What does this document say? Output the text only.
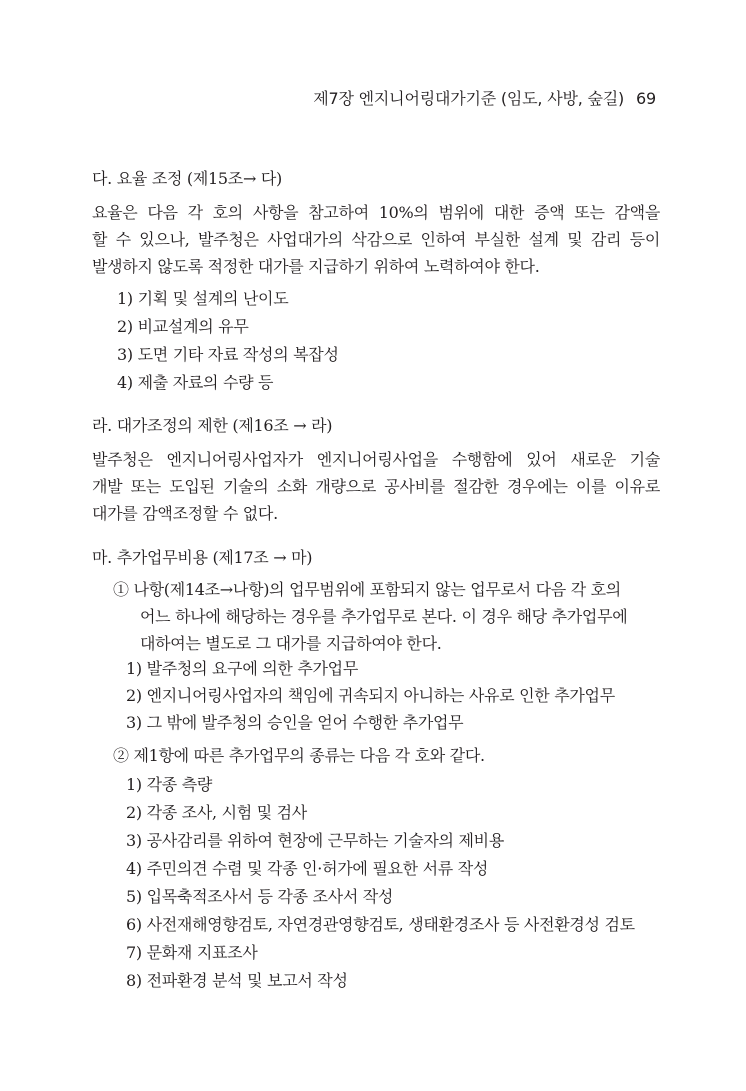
제7장 엔지니어링대가기준 (임도, 사방, 숲길) 69
다. 요율 조정 (제15조→ 다)
요율은 다음 각 호의 사항을 참고하여 10%의 범위에 대한 증액 또는 감액을
할 수 있으나, 발주청은 사업대가의 삭감으로 인하여 부실한 설계 및 감리 등이
발생하지 않도록 적정한 대가를 지급하기 위하여 노력하여야 한다.
1) 기획 및 설계의 난이도
2) 비교설계의 유무
3) 도면 기타 자료 작성의 복잡성
4) 제출 자료의 수량 등
라. 대가조정의 제한 (제16조 → 라)
발주청은 엔지니어링사업자가 엔지니어링사업을 수행함에 있어 새로운 기술
개발 또는 도입된 기술의 소화 개량으로 공사비를 절감한 경우에는 이를 이유로
대가를 감액조정할 수 없다.
마. 추가업무비용 (제17조 → 마)
① 나항(제14조→나항)의 업무범위에 포함되지 않는 업무로서 다음 각 호의
어느 하나에 해당하는 경우를 추가업무로 본다. 이 경우 해당 추가업무에
대하여는 별도로 그 대가를 지급하여야 한다.
1) 발주청의 요구에 의한 추가업무
2) 엔지니어링사업자의 책임에 귀속되지 아니하는 사유로 인한 추가업무
3) 그 밖에 발주청의 승인을 얻어 수행한 추가업무
② 제1항에 따른 추가업무의 종류는 다음 각 호와 같다.
1) 각종 측량
2) 각종 조사, 시험 및 검사
3) 공사감리를 위하여 현장에 근무하는 기술자의 제비용
4) 주민의견 수렴 및 각종 인·허가에 필요한 서류 작성
5) 입목축적조사서 등 각종 조사서 작성
6) 사전재해영향검토, 자연경관영향검토, 생태환경조사 등 사전환경성 검토
7) 문화재 지표조사
8) 전파환경 분석 및 보고서 작성
